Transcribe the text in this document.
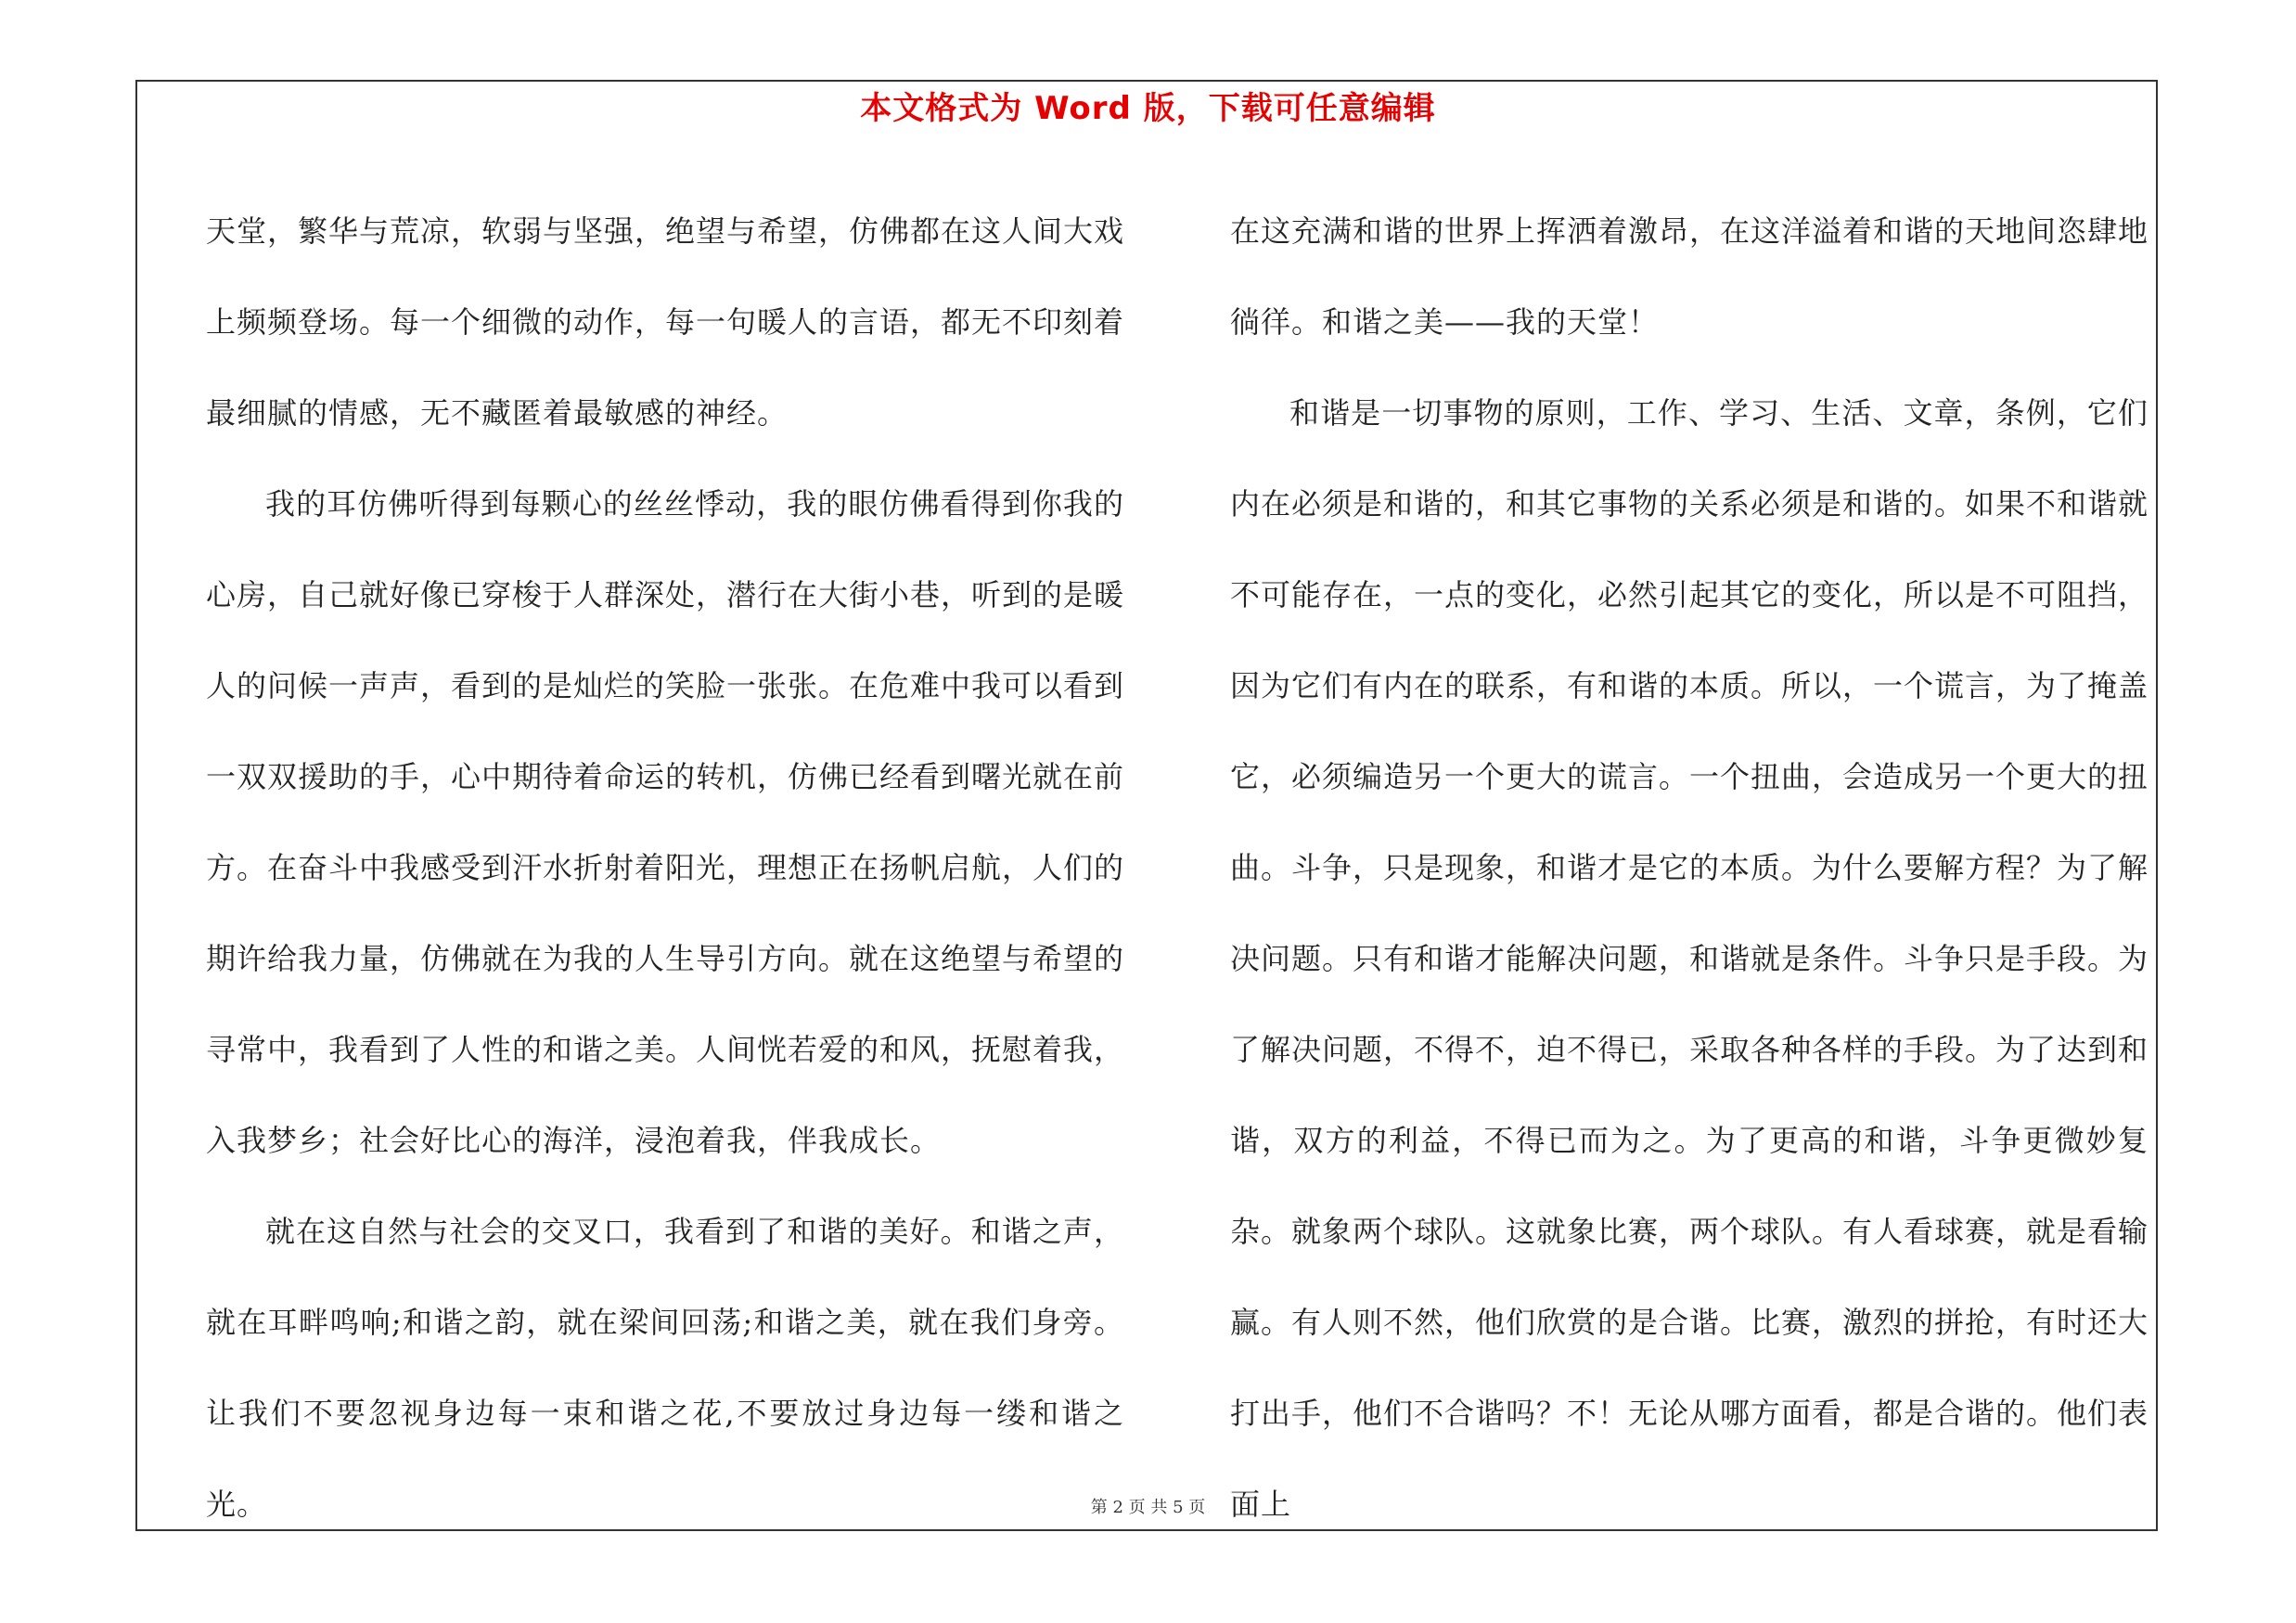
本文格式为 Word 版，下载可任意编辑

天堂，繁华与荒凉，软弱与坚强，绝望与希望，仿佛都在这人间大戏上频频登场。每一个细微的动作，每一句暖人的言语，都无不印刻着最细腻的情感，无不藏匿着最敏感的神经。

我的耳仿佛听得到每颗心的丝丝悸动，我的眼仿佛看得到你我的心房，自己就好像已穿梭于人群深处，潜行在大街小巷，听到的是暖人的问候一声声，看到的是灿烂的笑脸一张张。在危难中我可以看到一双双援助的手，心中期待着命运的转机，仿佛已经看到曙光就在前方。在奋斗中我感受到汗水折射着阳光，理想正在扬帆启航，人们的期许给我力量，仿佛就在为我的人生导引方向。就在这绝望与希望的寻常中，我看到了人性的和谐之美。人间恍若爱的和风，抚慰着我，入我梦乡；社会好比心的海洋，浸泡着我，伴我成长。

就在这自然与社会的交叉口，我看到了和谐的美好。和谐之声，就在耳畔鸣响;和谐之韵，就在梁间回荡;和谐之美，就在我们身旁。让我们不要忽视身边每一束和谐之花,不要放过身边每一缕和谐之光。

在这充满和谐的世界上挥洒着激昂，在这洋溢着和谐的天地间恣肆地徜徉。和谐之美——我的天堂！

和谐是一切事物的原则，工作、学习、生活、文章，条例，它们内在必须是和谐的，和其它事物的关系必须是和谐的。如果不和谐就不可能存在，一点的变化，必然引起其它的变化，所以是不可阻挡，因为它们有内在的联系，有和谐的本质。所以，一个谎言，为了掩盖它，必须编造另一个更大的谎言。一个扭曲，会造成另一个更大的扭曲。斗争，只是现象，和谐才是它的本质。为什么要解方程？为了解决问题。只有和谐才能解决问题，和谐就是条件。斗争只是手段。为了解决问题，不得不，迫不得已，采取各种各样的手段。为了达到和谐，双方的利益，不得已而为之。为了更高的和谐，斗争更微妙复杂。就象两个球队。这就象比赛，两个球队。有人看球赛，就是看输赢。有人则不然，他们欣赏的是合谐。比赛，激烈的拼抢，有时还大打出手，他们不合谐吗？不！无论从哪方面看，都是合谐的。他们表面上

第 2 页 共 5 页
